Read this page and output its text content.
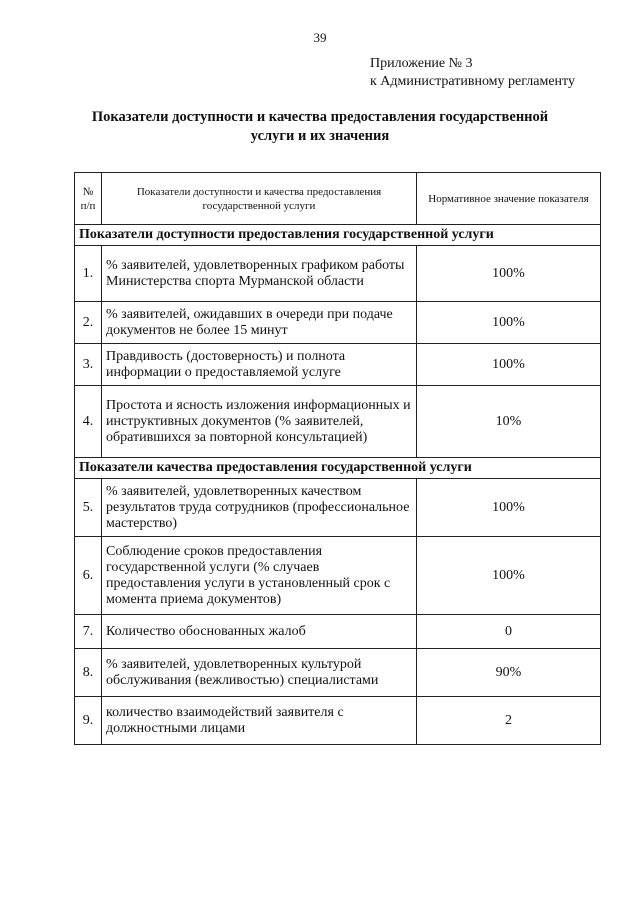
39
Приложение № 3
к Административному регламенту
Показатели доступности и качества предоставления государственной
услуги и их значения
№ п/п	Показатели доступности и качества предоставления государственной услуги	Нормативное значение показателя
Показатели доступности предоставления государственной услуги		
1.	% заявителей, удовлетворенных графиком работы Министерства спорта Мурманской области	100%
2.	% заявителей, ожидавших в очереди при подаче документов не более 15 минут	100%
3.	Правдивость (достоверность) и полнота информации о предоставляемой услуге	100%
4.	Простота и ясность изложения информационных и инструктивных документов (% заявителей, обратившихся за повторной консультацией)	10%
Показатели качества предоставления государственной услуги		
5.	% заявителей, удовлетворенных качеством результатов труда сотрудников (профессиональное мастерство)	100%
6.	Соблюдение сроков предоставления государственной услуги (% случаев предоставления услуги в установленный срок с момента приема документов)	100%
7.	Количество обоснованных жалоб	0
8.	% заявителей, удовлетворенных культурой обслуживания (вежливостью) специалистами	90%
9.	количество взаимодействий заявителя с должностными лицами	2
